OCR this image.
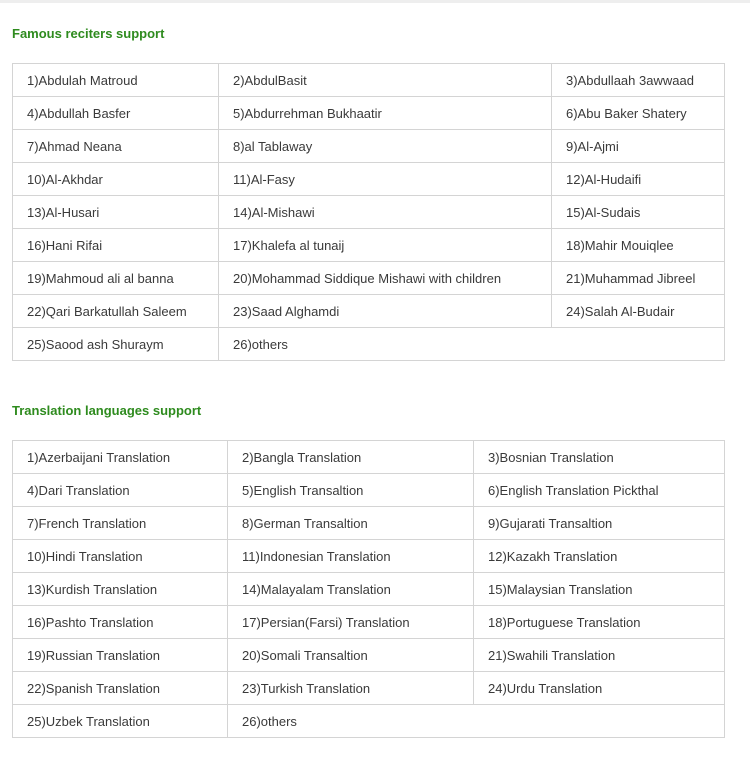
Famous reciters support
1)Abdulah Matroud	2)AbdulBasit	3)Abdullaah 3awwaad
4)Abdullah Basfer	5)Abdurrehman Bukhaatir	6)Abu Baker Shatery
7)Ahmad Neana	8)al Tablaway	9)Al-Ajmi
10)Al-Akhdar	11)Al-Fasy	12)Al-Hudaifi
13)Al-Husari	14)Al-Mishawi	15)Al-Sudais
16)Hani Rifai	17)Khalefa al tunaij	18)Mahir Mouiqlee
19)Mahmoud ali al banna	20)Mohammad Siddique Mishawi with children	21)Muhammad Jibreel
22)Qari Barkatullah Saleem	23)Saad Alghamdi	24)Salah Al-Budair
25)Saood ash Shuraym	26)others	
Translation languages support
1)Azerbaijani Translation	2)Bangla Translation	3)Bosnian Translation
4)Dari Translation	5)English Transaltion	6)English Translation Pickthal
7)French Translation	8)German Transaltion	9)Gujarati Transaltion
10)Hindi Translation	11)Indonesian Translation	12)Kazakh Translation
13)Kurdish Translation	14)Malayalam Translation	15)Malaysian Translation
16)Pashto Translation	17)Persian(Farsi) Translation	18)Portuguese Translation
19)Russian Translation	20)Somali Transaltion	21)Swahili Translation
22)Spanish Translation	23)Turkish Translation	24)Urdu Translation
25)Uzbek Translation	26)others	
